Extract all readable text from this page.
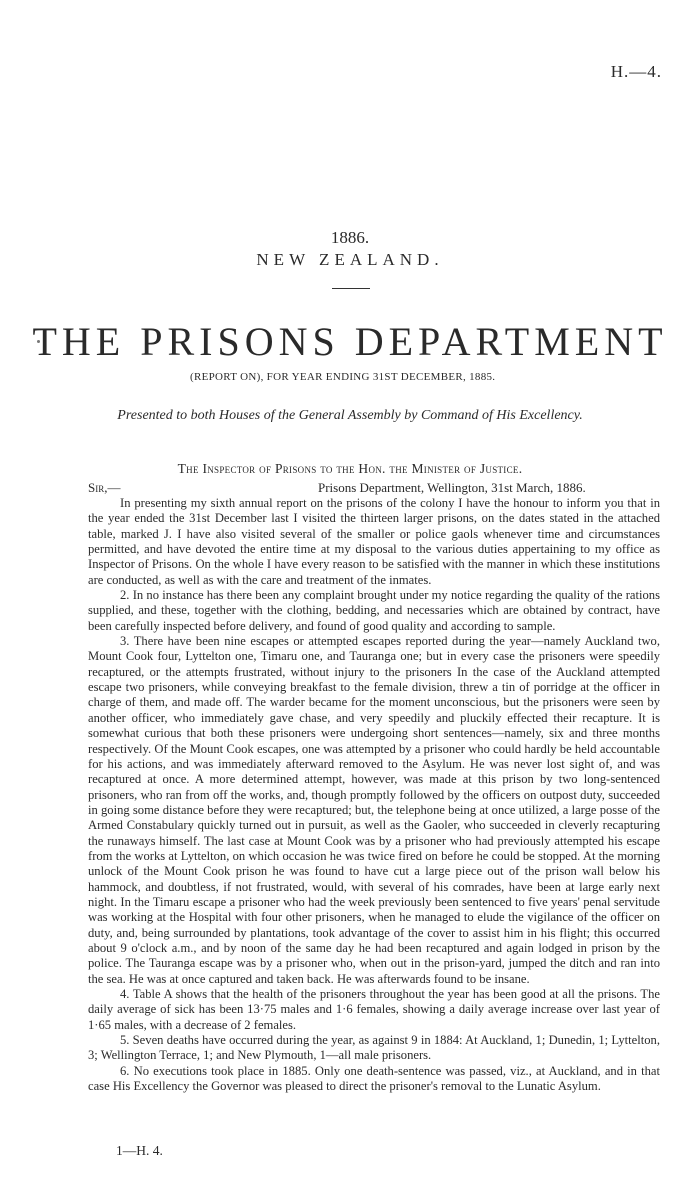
H.—4.
1886.
NEW ZEALAND.
THE PRISONS DEPARTMENT
(REPORT ON), FOR YEAR ENDING 31ST DECEMBER, 1885.
Presented to both Houses of the General Assembly by Command of His Excellency.
The Inspector of Prisons to the Hon. the Minister of Justice.
Sir,—	Prisons Department, Wellington, 31st March, 1886.

In presenting my sixth annual report on the prisons of the colony I have the honour to inform you that in the year ended the 31st December last I visited the thirteen larger prisons, on the dates stated in the attached table, marked J. I have also visited several of the smaller or police gaols whenever time and circumstances permitted, and have devoted the entire time at my disposal to the various duties appertaining to my office as Inspector of Prisons. On the whole I have every reason to be satisfied with the manner in which these institutions are conducted, as well as with the care and treatment of the inmates.

2. In no instance has there been any complaint brought under my notice regarding the quality of the rations supplied, and these, together with the clothing, bedding, and necessaries which are obtained by contract, have been carefully inspected before delivery, and found of good quality and according to sample.

3. There have been nine escapes or attempted escapes reported during the year—namely Auckland two, Mount Cook four, Lyttelton one, Timaru one, and Tauranga one; but in every case the prisoners were speedily recaptured, or the attempts frustrated, without injury to the prisoners In the case of the Auckland attempted escape two prisoners, while conveying breakfast to the female division, threw a tin of porridge at the officer in charge of them, and made off. The warder became for the moment unconscious, but the prisoners were seen by another officer, who immediately gave chase, and very speedily and pluckily effected their recapture. It is somewhat curious that both these prisoners were undergoing short sentences—namely, six and three months respectively. Of the Mount Cook escapes, one was attempted by a prisoner who could hardly be held accountable for his actions, and was immediately afterward removed to the Asylum. He was never lost sight of, and was recaptured at once. A more determined attempt, however, was made at this prison by two long-sentenced prisoners, who ran from off the works, and, though promptly followed by the officers on outpost duty, succeeded in going some distance before they were recaptured; but, the telephone being at once utilized, a large posse of the Armed Constabulary quickly turned out in pursuit, as well as the Gaoler, who succeeded in cleverly recapturing the runaways himself. The last case at Mount Cook was by a prisoner who had previously attempted his escape from the works at Lyttelton, on which occasion he was twice fired on before he could be stopped. At the morning unlock of the Mount Cook prison he was found to have cut a large piece out of the prison wall below his hammock, and doubtless, if not frustrated, would, with several of his comrades, have been at large early next night. In the Timaru escape a prisoner who had the week previously been sentenced to five years' penal servitude was working at the Hospital with four other prisoners, when he managed to elude the vigilance of the officer on duty, and, being surrounded by plantations, took advantage of the cover to assist him in his flight; this occurred about 9 o'clock a.m., and by noon of the same day he had been recaptured and again lodged in prison by the police. The Tauranga escape was by a prisoner who, when out in the prison-yard, jumped the ditch and ran into the sea. He was at once captured and taken back. He was afterwards found to be insane.

4. Table A shows that the health of the prisoners throughout the year has been good at all the prisons. The daily average of sick has been 13·75 males and 1·6 females, showing a daily average increase over last year of 1·65 males, with a decrease of 2 females.

5. Seven deaths have occurred during the year, as against 9 in 1884: At Auckland, 1; Dunedin, 1; Lyttelton, 3; Wellington Terrace, 1; and New Plymouth, 1—all male prisoners.

6. No executions took place in 1885. Only one death-sentence was passed, viz., at Auckland, and in that case His Excellency the Governor was pleased to direct the prisoner's removal to the Lunatic Asylum.

1—H. 4.
